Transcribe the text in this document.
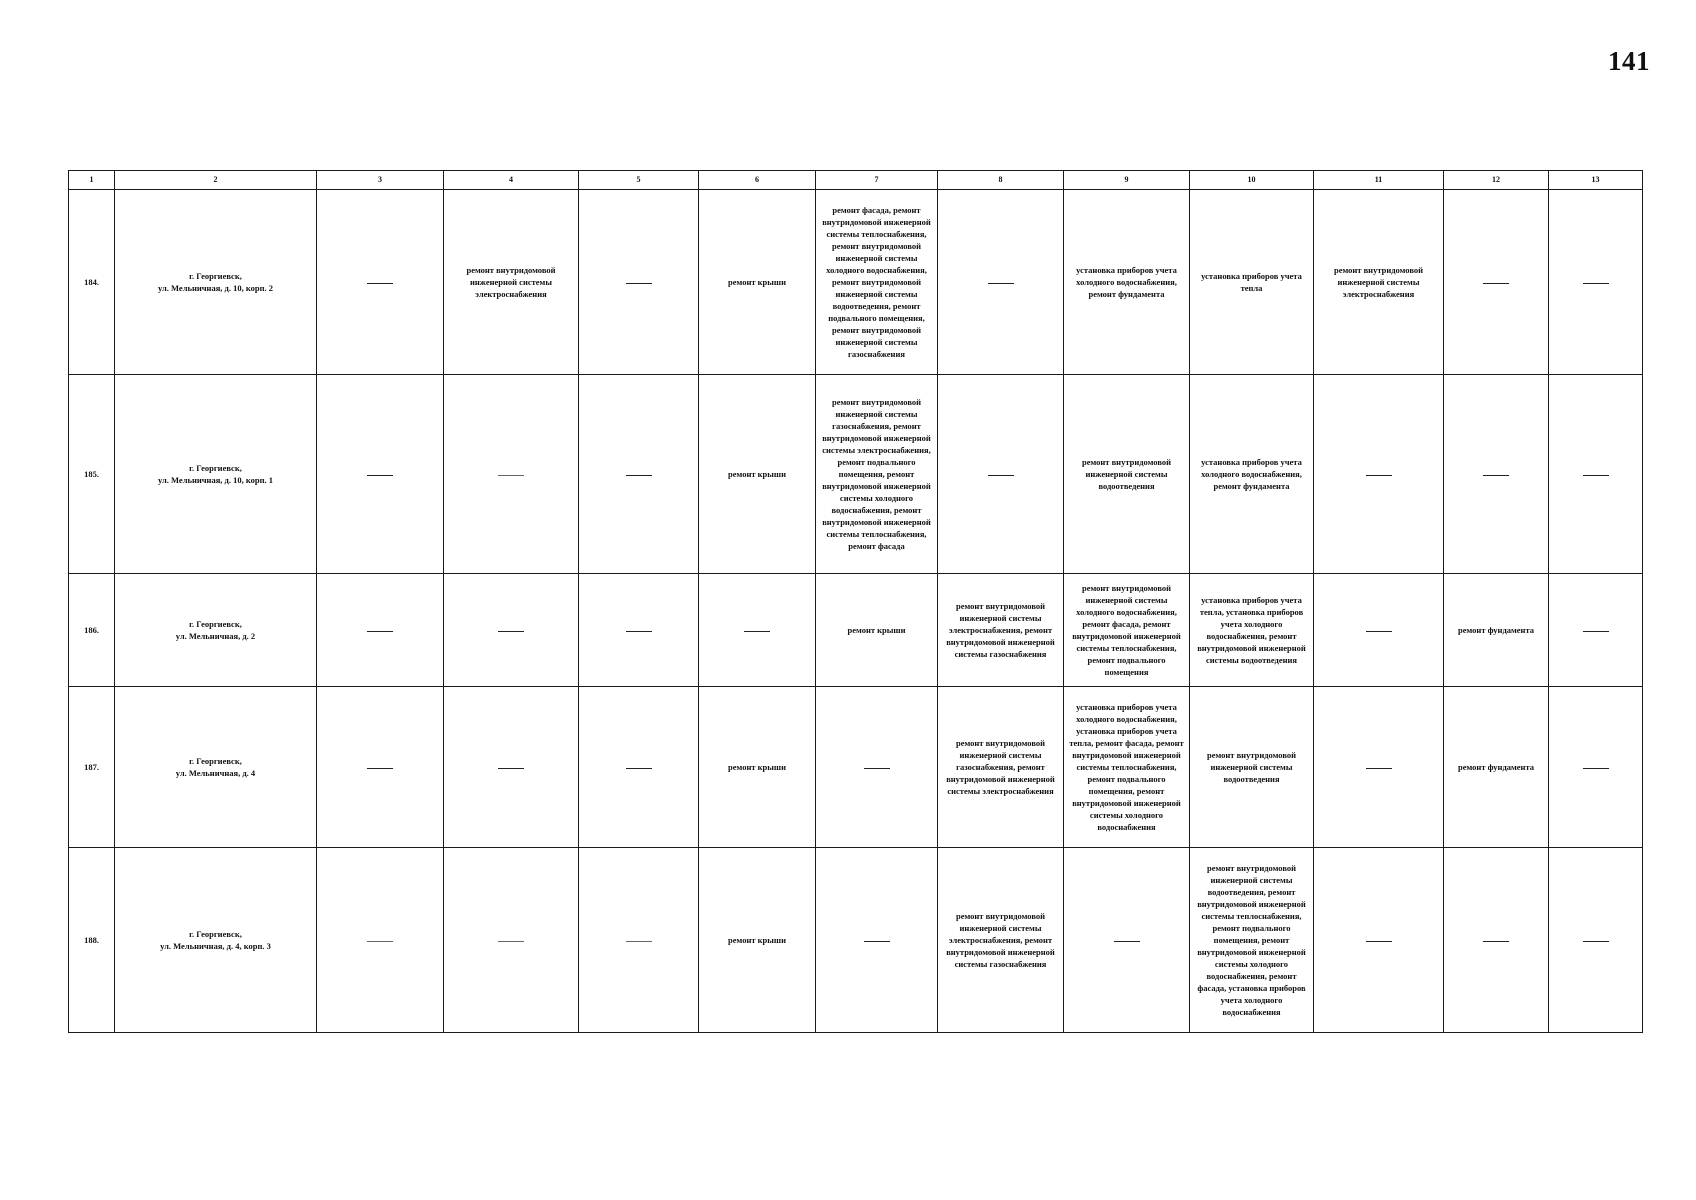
141
1	2	3	4	5	6	7	8	9	10	11	12	13
184.	г. Георгиевск,
ул. Мельничная, д. 10, корп. 2		ремонт внутридомовой инженерной системы электроснабжения		ремонт крыши	ремонт фасада, ремонт внутридомовой инженерной системы теплоснабжения, ремонт внутридомовой инженерной системы холодного водоснабжения, ремонт внутридомовой инженерной системы водоотведения, ремонт подвального помещения, ремонт внутридомовой инженерной системы газоснабжения		установка приборов учета холодного водоснабжения, ремонт фундамента	установка приборов учета тепла	ремонт внутридомовой инженерной системы электроснабжения		
185.	г. Георгиевск,
ул. Мельничная, д. 10, корп. 1				ремонт крыши	ремонт внутридомовой инженерной системы газоснабжения, ремонт внутридомовой инженерной системы электроснабжения, ремонт подвального помещения, ремонт внутридомовой инженерной системы холодного водоснабжения, ремонт внутридомовой инженерной системы теплоснабжения, ремонт фасада		ремонт внутридомовой инженерной системы водоотведения	установка приборов учета холодного водоснабжения, ремонт фундамента			
186.	г. Георгиевск,
ул. Мельничная, д. 2					ремонт крыши	ремонт внутридомовой инженерной системы электроснабжения, ремонт внутридомовой инженерной системы газоснабжения	ремонт внутридомовой инженерной системы холодного водоснабжения, ремонт фасада, ремонт внутридомовой инженерной системы теплоснабжения, ремонт подвального помещения	установка приборов учета тепла, установка приборов учета холодного водоснабжения, ремонт внутридомовой инженерной системы водоотведения		ремонт фундамента	
187.	г. Георгиевск,
ул. Мельничная, д. 4				ремонт крыши		ремонт внутридомовой инженерной системы газоснабжения, ремонт внутридомовой инженерной системы электроснабжения	установка приборов учета холодного водоснабжения, установка приборов учета тепла, ремонт фасада, ремонт внутридомовой инженерной системы теплоснабжения, ремонт подвального помещения, ремонт внутридомовой инженерной системы холодного водоснабжения	ремонт внутридомовой инженерной системы водоотведения		ремонт фундамента	
188.	г. Георгиевск,
ул. Мельничная, д. 4, корп. 3				ремонт крыши		ремонт внутридомовой инженерной системы электроснабжения, ремонт внутридомовой инженерной системы газоснабжения		ремонт внутридомовой инженерной системы водоотведения, ремонт внутридомовой инженерной системы теплоснабжения, ремонт подвального помещения, ремонт внутридомовой инженерной системы холодного водоснабжения, ремонт фасада, установка приборов учета холодного водоснабжения			
